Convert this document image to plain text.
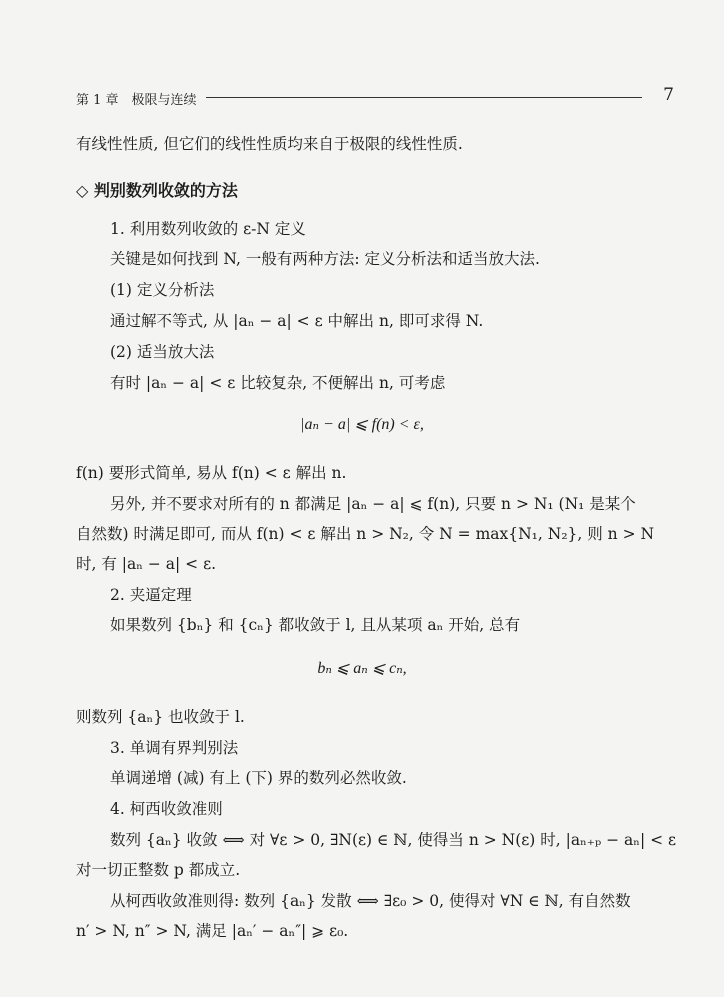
第 1 章　极限与连续	7
有线性性质, 但它们的线性性质均来自于极限的线性性质.
◇ 判别数列收敛的方法
1. 利用数列收敛的 ε-N 定义
关键是如何找到 N, 一般有两种方法: 定义分析法和适当放大法.
(1) 定义分析法
通过解不等式, 从 |aₙ − a| < ε 中解出 n, 即可求得 N.
(2) 适当放大法
有时 |aₙ − a| < ε 比较复杂, 不便解出 n, 可考虑
|aₙ − a| ⩽ f(n) < ε,
f(n) 要形式简单, 易从 f(n) < ε 解出 n.
另外, 并不要求对所有的 n 都满足 |aₙ − a| ⩽ f(n), 只要 n > N₁ (N₁ 是某个
自然数) 时满足即可, 而从 f(n) < ε 解出 n > N₂, 令 N = max{N₁, N₂}, 则 n > N
时, 有 |aₙ − a| < ε.
2. 夹逼定理
如果数列 {bₙ} 和 {cₙ} 都收敛于 l, 且从某项 aₙ 开始, 总有
bₙ ⩽ aₙ ⩽ cₙ,
则数列 {aₙ} 也收敛于 l.
3. 单调有界判别法
单调递增 (减) 有上 (下) 界的数列必然收敛.
4. 柯西收敛准则
数列 {aₙ} 收敛 ⟺ 对 ∀ε > 0, ∃N(ε) ∈ ℕ, 使得当 n > N(ε) 时, |aₙ₊ₚ − aₙ| < ε
对一切正整数 p 都成立.
从柯西收敛准则得: 数列 {aₙ} 发散 ⟺ ∃ε₀ > 0, 使得对 ∀N ∈ ℕ, 有自然数
n′ > N, n″ > N, 满足 |aₙ′ − aₙ″| ⩾ ε₀.
